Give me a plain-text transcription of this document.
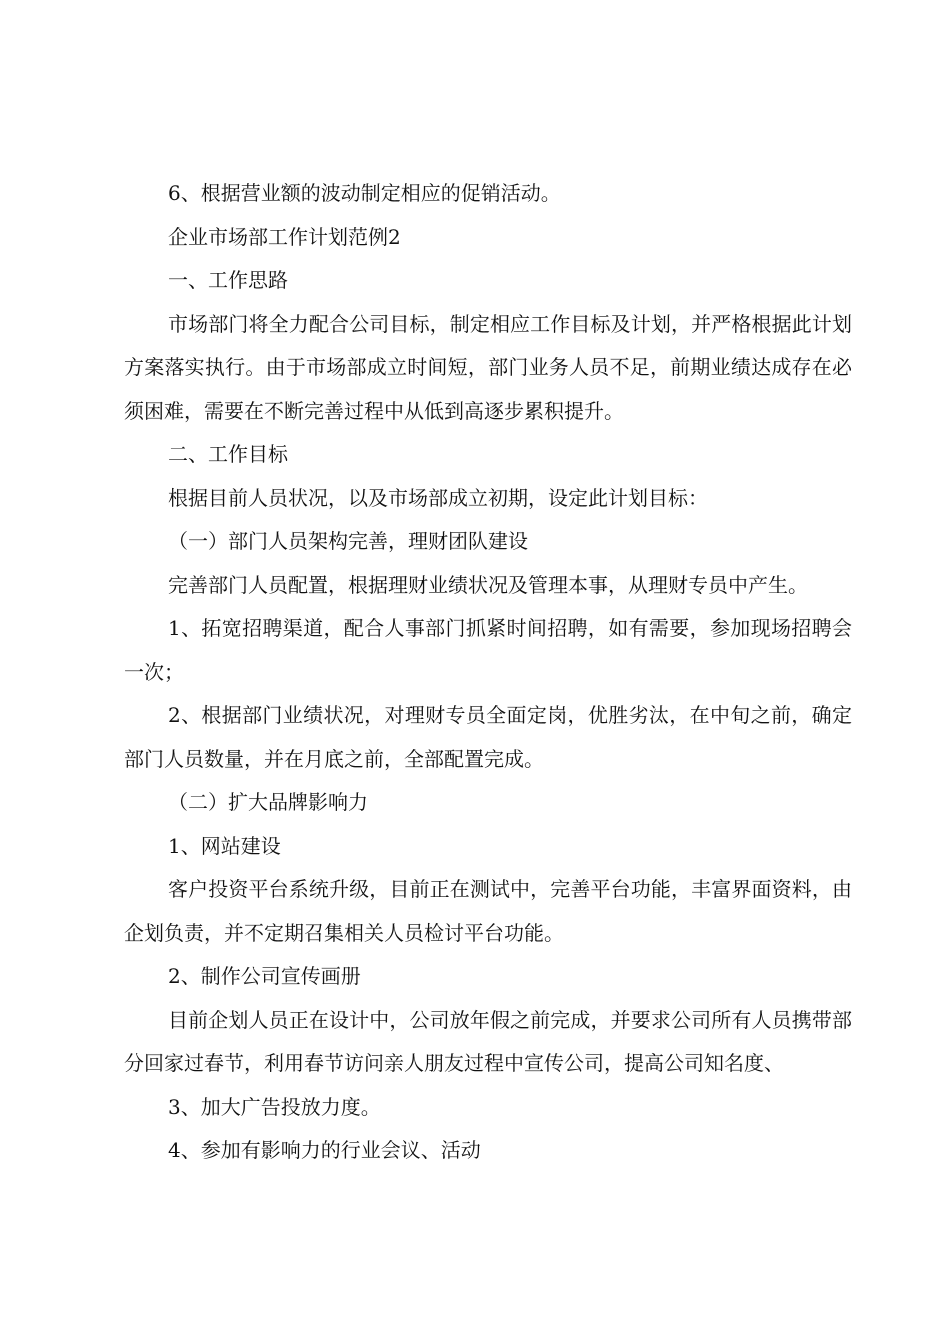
6、根据营业额的波动制定相应的促销活动。

企业市场部工作计划范例2

一、工作思路

市场部门将全力配合公司目标，制定相应工作目标及计划，并严格根据此计划方案落实执行。由于市场部成立时间短，部门业务人员不足，前期业绩达成存在必须困难，需要在不断完善过程中从低到高逐步累积提升。

二、工作目标

根据目前人员状况，以及市场部成立初期，设定此计划目标：

（一）部门人员架构完善，理财团队建设

完善部门人员配置，根据理财业绩状况及管理本事，从理财专员中产生。

1、拓宽招聘渠道，配合人事部门抓紧时间招聘，如有需要，参加现场招聘会一次；

2、根据部门业绩状况，对理财专员全面定岗，优胜劣汰，在中旬之前，确定部门人员数量，并在月底之前，全部配置完成。

（二）扩大品牌影响力

1、网站建设

客户投资平台系统升级，目前正在测试中，完善平台功能，丰富界面资料，由企划负责，并不定期召集相关人员检讨平台功能。

2、制作公司宣传画册

目前企划人员正在设计中，公司放年假之前完成，并要求公司所有人员携带部分回家过春节，利用春节访问亲人朋友过程中宣传公司，提高公司知名度、

3、加大广告投放力度。

4、参加有影响力的行业会议、活动
